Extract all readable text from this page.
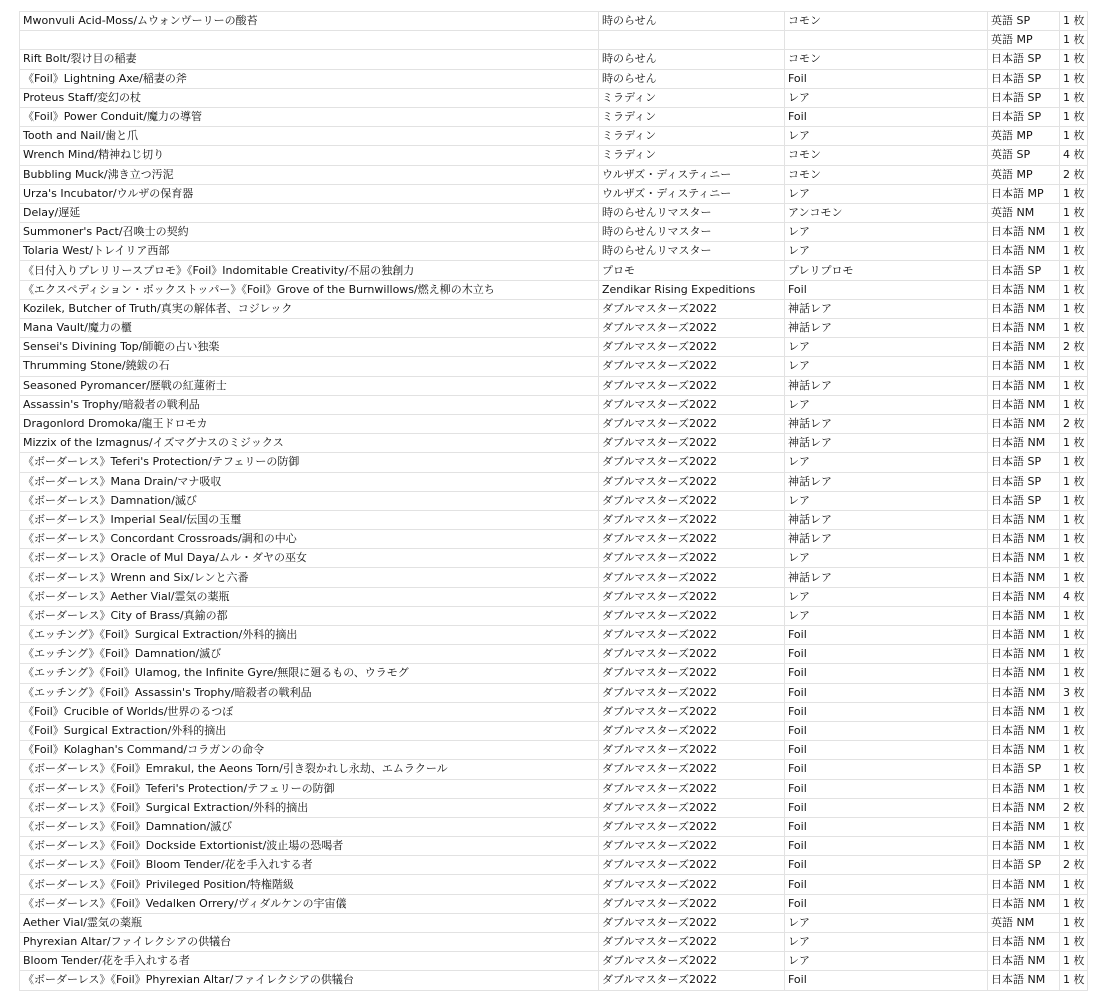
Mwonvuli Acid-Moss/ムウォンヴーリーの酸苔	時のらせん	コモン	英語 SP	1 枚
			英語 MP	1 枚
Rift Bolt/裂け目の稲妻	時のらせん	コモン	日本語 SP	1 枚
《Foil》Lightning Axe/稲妻の斧	時のらせん	Foil	日本語 SP	1 枚
Proteus Staff/変幻の杖	ミラディン	レア	日本語 SP	1 枚
《Foil》Power Conduit/魔力の導管	ミラディン	Foil	日本語 SP	1 枚
Tooth and Nail/歯と爪	ミラディン	レア	英語 MP	1 枚
Wrench Mind/精神ねじ切り	ミラディン	コモン	英語 SP	4 枚
Bubbling Muck/沸き立つ汚泥	ウルザズ・ディスティニー	コモン	英語 MP	2 枚
Urza's Incubator/ウルザの保育器	ウルザズ・ディスティニー	レア	日本語 MP	1 枚
Delay/遅延	時のらせんリマスター	アンコモン	英語 NM	1 枚
Summoner's Pact/召喚士の契約	時のらせんリマスター	レア	日本語 NM	1 枚
Tolaria West/トレイリア西部	時のらせんリマスター	レア	日本語 NM	1 枚
《日付入りプレリリースプロモ》《Foil》Indomitable Creativity/不屈の独創力	プロモ	プレリプロモ	日本語 SP	1 枚
《エクスペディション・ボックストッパー》《Foil》Grove of the Burnwillows/燃え柳の木立ち	Zendikar Rising Expeditions	Foil	日本語 NM	1 枚
Kozilek, Butcher of Truth/真実の解体者、コジレック	ダブルマスターズ2022	神話レア	日本語 NM	1 枚
Mana Vault/魔力の櫃	ダブルマスターズ2022	神話レア	日本語 NM	1 枚
Sensei's Divining Top/師範の占い独楽	ダブルマスターズ2022	レア	日本語 NM	2 枚
Thrumming Stone/鐃鈸の石	ダブルマスターズ2022	レア	日本語 NM	1 枚
Seasoned Pyromancer/歴戦の紅蓮術士	ダブルマスターズ2022	神話レア	日本語 NM	1 枚
Assassin's Trophy/暗殺者の戦利品	ダブルマスターズ2022	レア	日本語 NM	1 枚
Dragonlord Dromoka/龍王ドロモカ	ダブルマスターズ2022	神話レア	日本語 NM	2 枚
Mizzix of the Izmagnus/イズマグナスのミジックス	ダブルマスターズ2022	神話レア	日本語 NM	1 枚
《ボーダーレス》Teferi's Protection/テフェリーの防御	ダブルマスターズ2022	レア	日本語 SP	1 枚
《ボーダーレス》Mana Drain/マナ吸収	ダブルマスターズ2022	神話レア	日本語 SP	1 枚
《ボーダーレス》Damnation/滅び	ダブルマスターズ2022	レア	日本語 SP	1 枚
《ボーダーレス》Imperial Seal/伝国の玉璽	ダブルマスターズ2022	神話レア	日本語 NM	1 枚
《ボーダーレス》Concordant Crossroads/調和の中心	ダブルマスターズ2022	神話レア	日本語 NM	1 枚
《ボーダーレス》Oracle of Mul Daya/ムル・ダヤの巫女	ダブルマスターズ2022	レア	日本語 NM	1 枚
《ボーダーレス》Wrenn and Six/レンと六番	ダブルマスターズ2022	神話レア	日本語 NM	1 枚
《ボーダーレス》Aether Vial/霊気の薬瓶	ダブルマスターズ2022	レア	日本語 NM	4 枚
《ボーダーレス》City of Brass/真鍮の都	ダブルマスターズ2022	レア	日本語 NM	1 枚
《エッチング》《Foil》Surgical Extraction/外科的摘出	ダブルマスターズ2022	Foil	日本語 NM	1 枚
《エッチング》《Foil》Damnation/滅び	ダブルマスターズ2022	Foil	日本語 NM	1 枚
《エッチング》《Foil》Ulamog, the Infinite Gyre/無限に廻るもの、ウラモグ	ダブルマスターズ2022	Foil	日本語 NM	1 枚
《エッチング》《Foil》Assassin's Trophy/暗殺者の戦利品	ダブルマスターズ2022	Foil	日本語 NM	3 枚
《Foil》Crucible of Worlds/世界のるつぼ	ダブルマスターズ2022	Foil	日本語 NM	1 枚
《Foil》Surgical Extraction/外科的摘出	ダブルマスターズ2022	Foil	日本語 NM	1 枚
《Foil》Kolaghan's Command/コラガンの命令	ダブルマスターズ2022	Foil	日本語 NM	1 枚
《ボーダーレス》《Foil》Emrakul, the Aeons Torn/引き裂かれし永劫、エムラクール	ダブルマスターズ2022	Foil	日本語 SP	1 枚
《ボーダーレス》《Foil》Teferi's Protection/テフェリーの防御	ダブルマスターズ2022	Foil	日本語 NM	1 枚
《ボーダーレス》《Foil》Surgical Extraction/外科的摘出	ダブルマスターズ2022	Foil	日本語 NM	2 枚
《ボーダーレス》《Foil》Damnation/滅び	ダブルマスターズ2022	Foil	日本語 NM	1 枚
《ボーダーレス》《Foil》Dockside Extortionist/波止場の恐喝者	ダブルマスターズ2022	Foil	日本語 NM	1 枚
《ボーダーレス》《Foil》Bloom Tender/花を手入れする者	ダブルマスターズ2022	Foil	日本語 SP	2 枚
《ボーダーレス》《Foil》Privileged Position/特権階級	ダブルマスターズ2022	Foil	日本語 NM	1 枚
《ボーダーレス》《Foil》Vedalken Orrery/ヴィダルケンの宇宙儀	ダブルマスターズ2022	Foil	日本語 NM	1 枚
Aether Vial/霊気の薬瓶	ダブルマスターズ2022	レア	英語 NM	1 枚
Phyrexian Altar/ファイレクシアの供犠台	ダブルマスターズ2022	レア	日本語 NM	1 枚
Bloom Tender/花を手入れする者	ダブルマスターズ2022	レア	日本語 NM	1 枚
《ボーダーレス》《Foil》Phyrexian Altar/ファイレクシアの供犠台	ダブルマスターズ2022	Foil	日本語 NM	1 枚
